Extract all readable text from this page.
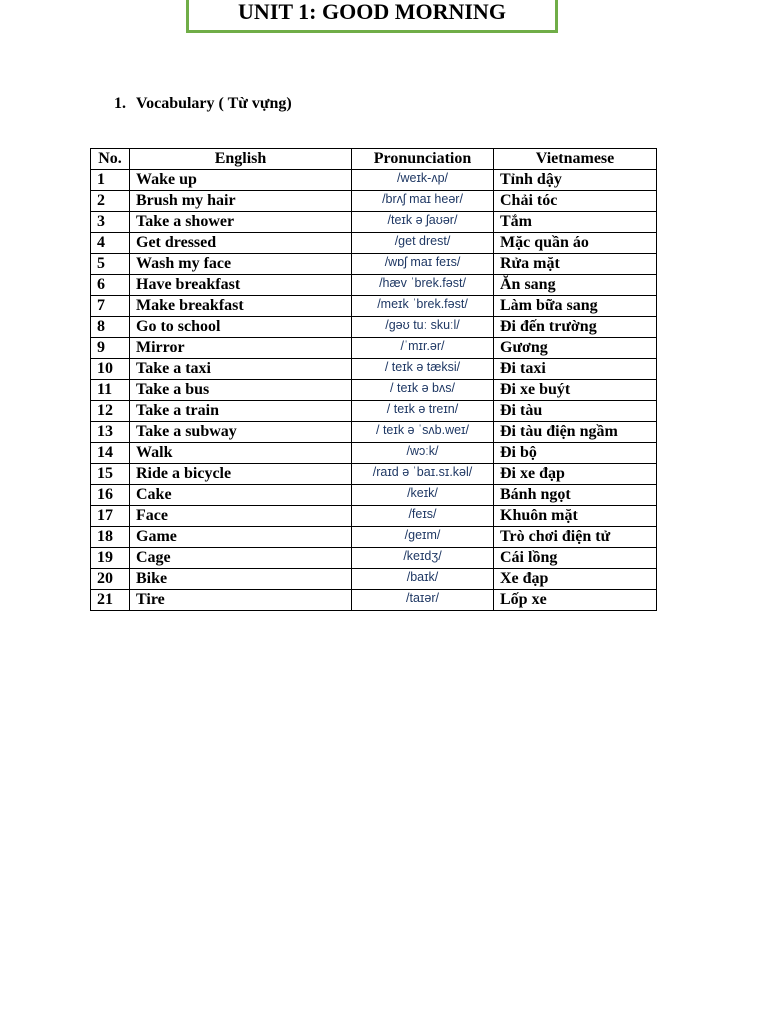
UNIT 1: GOOD MORNING
1. Vocabulary ( Từ vựng)
No.	English	Pronunciation	Vietnamese
1	Wake up	/weɪk-ʌp/	Tỉnh dậy
2	Brush my hair	/brʌʃ maɪ heər/	Chải tóc
3	Take a shower	/teɪk ə ʃaʊər/	Tắm
4	Get dressed	/get drest/	Mặc quần áo
5	Wash my face	/wɒʃ maɪ feɪs/	Rửa mặt
6	Have breakfast	/hæv ˈbrek.fəst/	Ăn sang
7	Make breakfast	/meɪk ˈbrek.fəst/	Làm bữa sang
8	Go to school	/gəʊ tuː skuːl/	Đi đến trường
9	Mirror	/ˈmɪr.ər/	Gương
10	Take a taxi	/ teɪk ə tæksi/	Đi taxi
11	Take a bus	/ teɪk ə bʌs/	Đi xe buýt
12	Take a train	/ teɪk ə treɪn/	Đi tàu
13	Take a subway	/ teɪk ə ˈsʌb.weɪ/	Đi tàu điện ngầm
14	Walk	/wɔːk/	Đi bộ
15	Ride a bicycle	/raɪd ə ˈbaɪ.sɪ.kəl/	Đi xe đạp
16	Cake	/keɪk/	Bánh ngọt
17	Face	/feɪs/	Khuôn mặt
18	Game	/geɪm/	Trò chơi điện tử
19	Cage	/keɪdʒ/	Cái lồng
20	Bike	/baɪk/	Xe đạp
21	Tire	/taɪər/	Lốp xe
